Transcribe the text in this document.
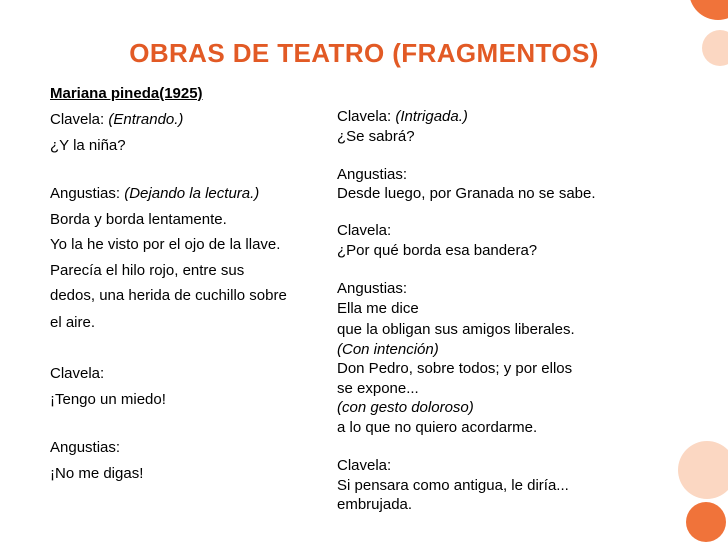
OBRAS DE TEATRO (FRAGMENTOS)
Mariana pineda(1925)
Clavela: (Entrando.)
¿Y la niña?
Angustias: (Dejando la lectura.)
Borda y borda lentamente.
Yo la he visto por el ojo de la llave.
Parecía el hilo rojo, entre sus
dedos, una herida de cuchillo sobre
el aire.
Clavela:
¡Tengo un miedo!
Angustias:
¡No me digas!
Clavela: (Intrigada.)
¿Se sabrá?
Angustias:
Desde luego, por Granada no se sabe.
Clavela:
¿Por qué borda esa bandera?
Angustias:
Ella me dice
que la obligan sus amigos liberales.
(Con intención)
Don Pedro, sobre todos; y por ellos
se expone...
(con gesto doloroso)
a lo que no quiero acordarme.
Clavela:
Si pensara como antigua, le diría...
embrujada.
